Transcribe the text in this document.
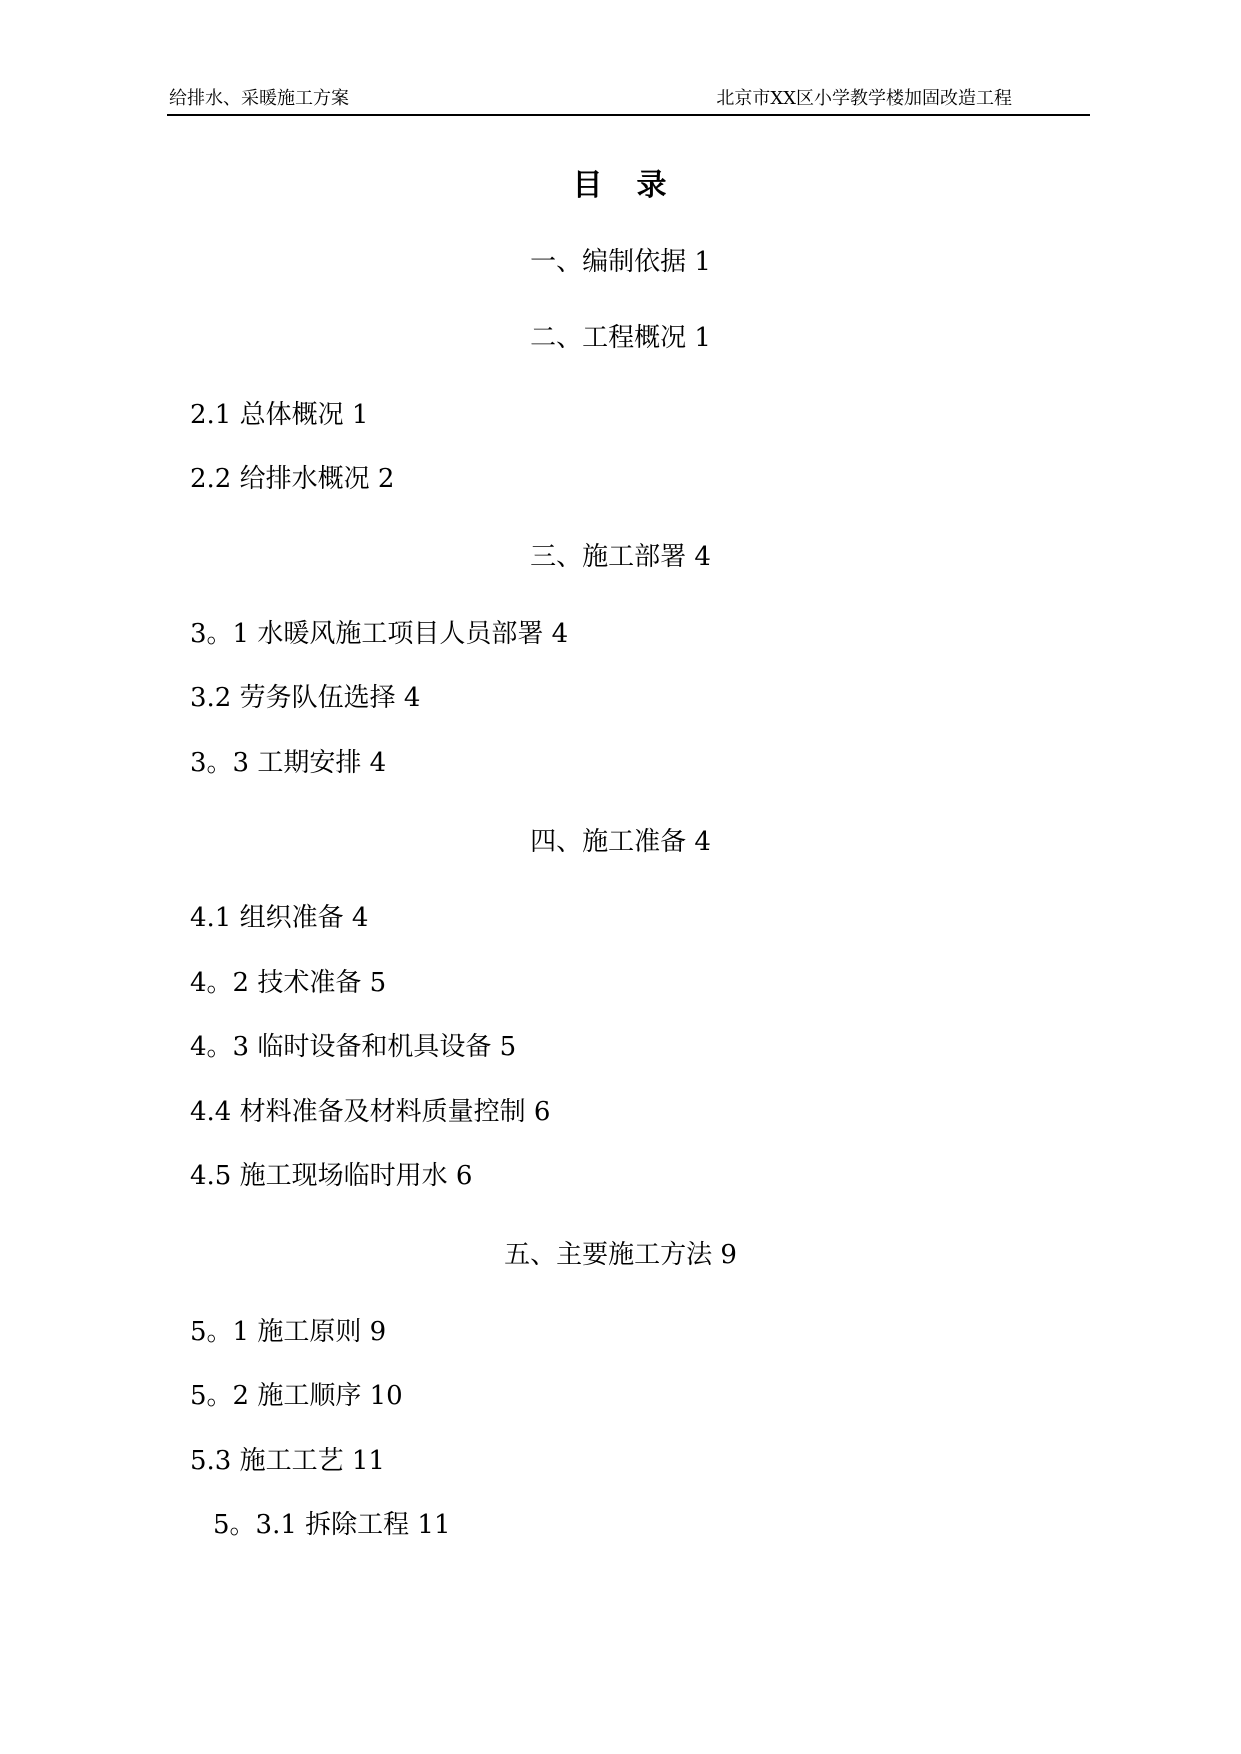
给排水、采暖施工方案	北京市XX区小学教学楼加固改造工程
目　录
一、编制依据 1
二、工程概况 1
2.1 总体概况 1
2.2 给排水概况 2
三、施工部署 4
3。1 水暖风施工项目人员部署 4
3.2 劳务队伍选择 4
3。3 工期安排 4
四、施工准备 4
4.1 组织准备 4
4。2 技术准备 5
4。3 临时设备和机具设备 5
4.4 材料准备及材料质量控制 6
4.5 施工现场临时用水 6
五、主要施工方法 9
5。1 施工原则 9
5。2 施工顺序 10
5.3 施工工艺 11
5。3.1 拆除工程 11
